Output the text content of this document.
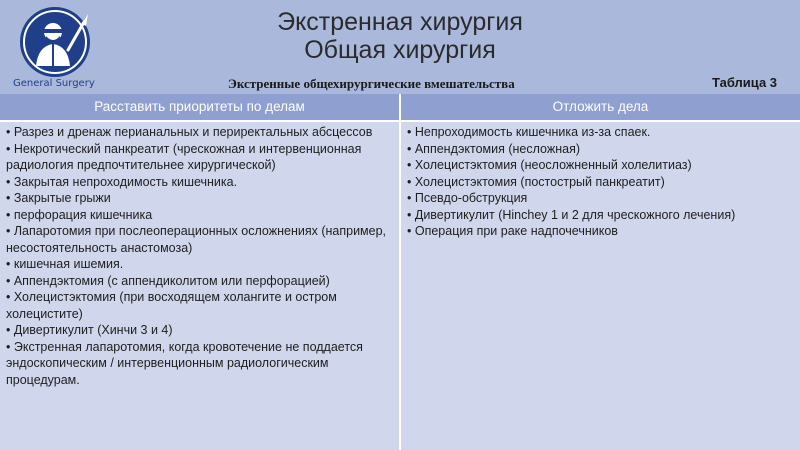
General Surgery
Экстренная хирургия
Общая хирургия
Экстренные общехирургические вмешательства	Таблица 3
Расставить приоритеты по делам	Отложить дела
• Разрез и дренаж перианальных и периректальных абсцессов
• Некротический панкреатит (чрескожная и интервенционная радиология предпочтительнее хирургической)
• Закрытая непроходимость кишечника.
• Закрытые грыжи
• перфорация кишечника
• Лапаротомия при послеоперационных осложнениях (например, несостоятельность анастомоза)
• кишечная ишемия.
• Аппендэктомия (с аппендиколитом или перфорацией)
• Холецистэктомия (при восходящем холангите и остром холецистите)
• Дивертикулит (Хинчи 3 и 4)
• Экстренная лапаротомия, когда кровотечение не поддается эндоскопическим / интервенционным радиологическим процедурам.
• Непроходимость кишечника из-за спаек.
• Аппендэктомия (несложная)
• Холецистэктомия (неосложненный холелитиаз)
• Холецистэктомия (постострый панкреатит)
• Псевдо-обструкция
• Дивертикулит (Hinchey 1 и 2 для чрескожного лечения)
• Операция при раке надпочечников
